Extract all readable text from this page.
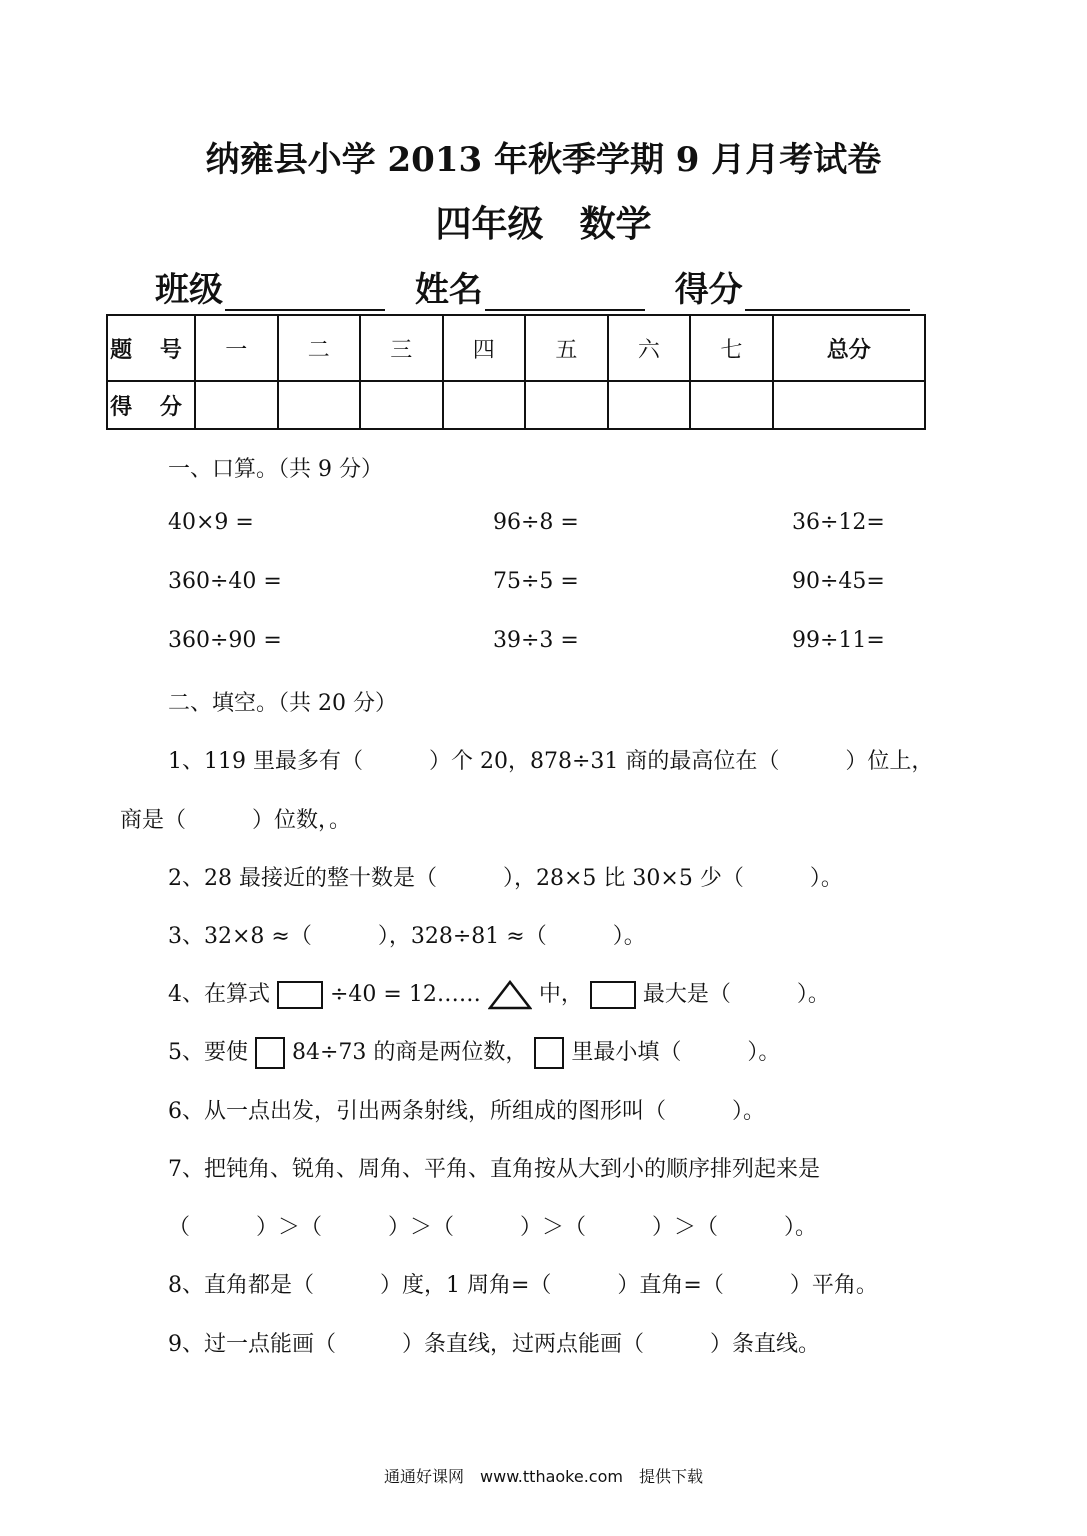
纳雍县小学 2013 年秋季学期 9 月月考试卷
四年级　数学
班级	姓名	得分
题 号	一	二	三	四	五	六	七	总分
得 分								
一、口算。（共 9 分）
40×9 =	96÷8 =	36÷12=
360÷40 =	75÷5 =	90÷45=
360÷90 =	39÷3 =	99÷11=
二、填空。（共 20 分）
1、119 里最多有（　　　）个 20，878÷31 商的最高位在（　　　）位上，
商是（　　　）位数，。
2、28 最接近的整十数是（　　　），28×5 比 30×5 少（　　　）。
3、32×8 ≈（　　　），328÷81 ≈（　　　）。
4、在算式	÷40 = 12……	中，	最大是（　　　）。
5、要使 84÷73 的商是两位数， 里最小填（　　　）。
6、从一点出发，引出两条射线，所组成的图形叫（　　　）。
7、把钝角、锐角、周角、平角、直角按从大到小的顺序排列起来是
（　　　）＞（　　　）＞（　　　）＞（　　　）＞（　　　）。
8、直角都是（　　　）度，1 周角=（　　　）直角=（　　　）平角。
9、过一点能画（　　　）条直线，过两点能画（　　　）条直线。
通通好课网　www.tthaoke.com　提供下载
